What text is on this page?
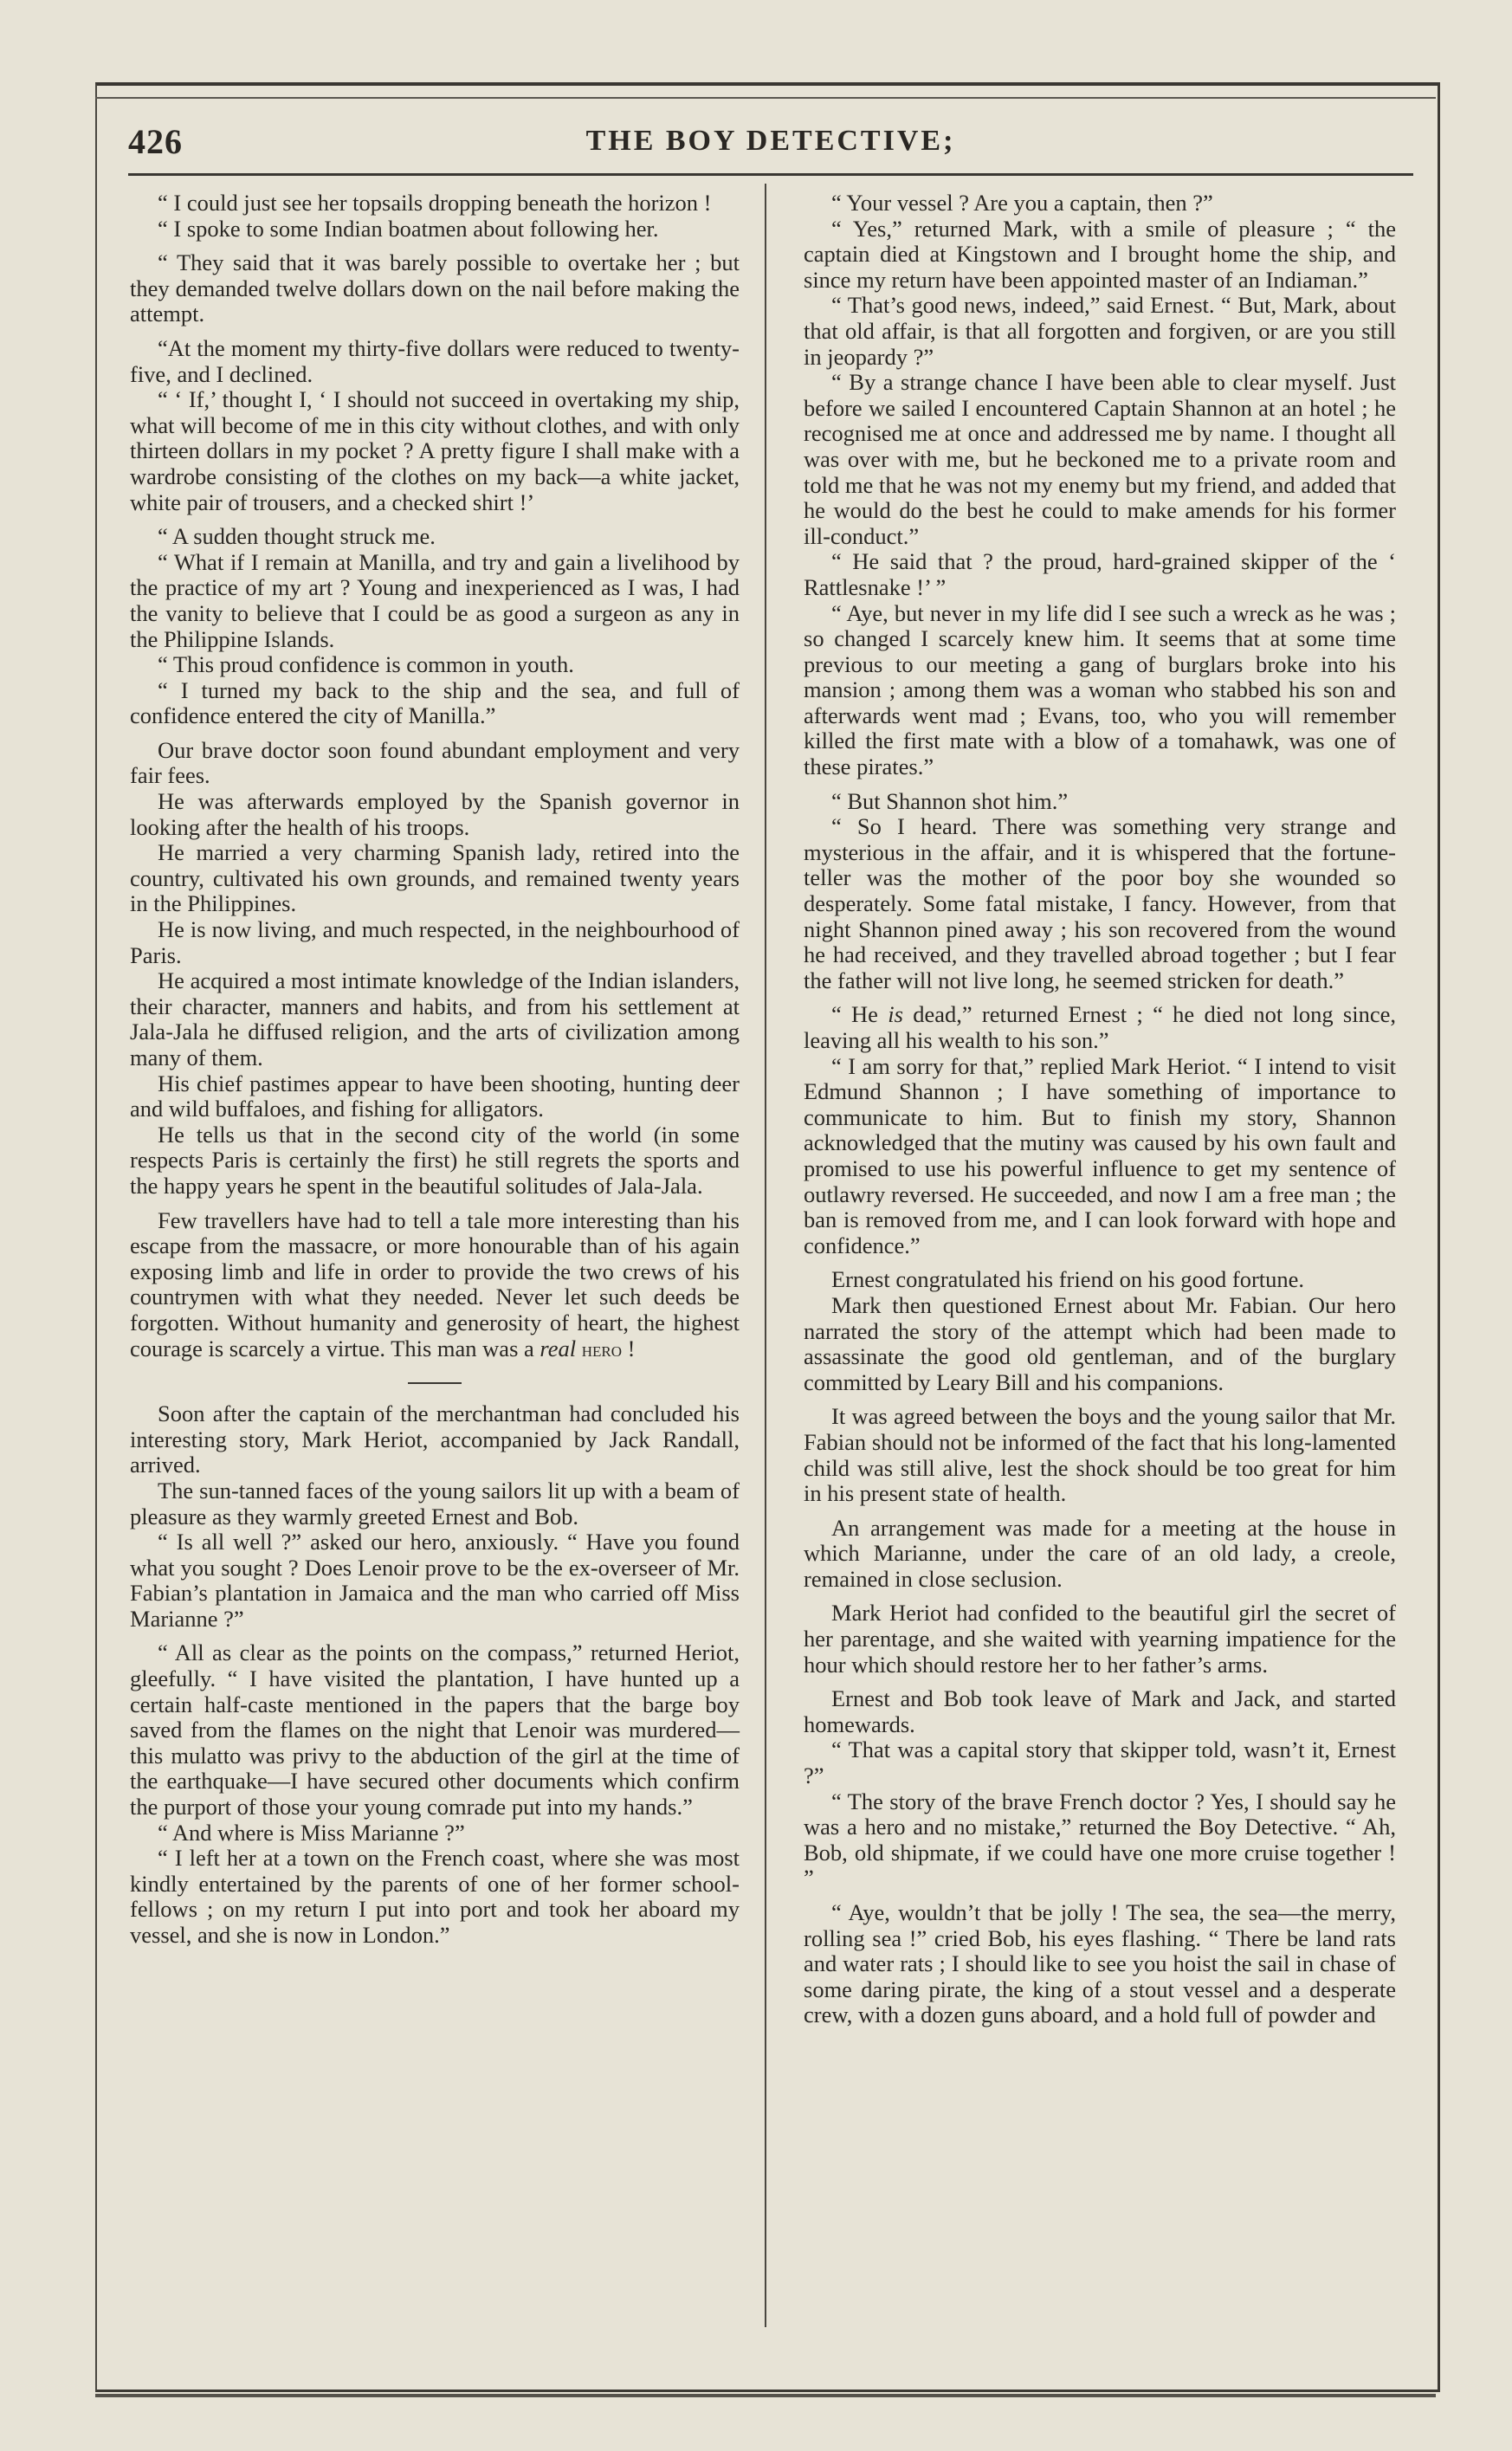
426	THE BOY DETECTIVE;

“ I could just see her topsails dropping beneath the horizon !

“ I spoke to some Indian boatmen about following her.

“ They said that it was barely possible to overtake her ; but they demanded twelve dollars down on the nail before making the attempt.

“At the moment my thirty-five dollars were reduced to twenty-five, and I declined.

“ ‘ If,’ thought I, ‘ I should not succeed in overtaking my ship, what will become of me in this city without clothes, and with only thirteen dollars in my pocket ? A pretty figure I shall make with a wardrobe consisting of the clothes on my back—a white jacket, white pair of trousers, and a checked shirt !’

“ A sudden thought struck me.

“ What if I remain at Manilla, and try and gain a livelihood by the practice of my art ? Young and inexperienced as I was, I had the vanity to believe that I could be as good a surgeon as any in the Philippine Islands.

“ This proud confidence is common in youth.

“ I turned my back to the ship and the sea, and full of confidence entered the city of Manilla.”

Our brave doctor soon found abundant employment and very fair fees.

He was afterwards employed by the Spanish governor in looking after the health of his troops.

He married a very charming Spanish lady, retired into the country, cultivated his own grounds, and remained twenty years in the Philippines.

He is now living, and much respected, in the neighbourhood of Paris.

He acquired a most intimate knowledge of the Indian islanders, their character, manners and habits, and from his settlement at Jala-Jala he diffused religion, and the arts of civilization among many of them.

His chief pastimes appear to have been shooting, hunting deer and wild buffaloes, and fishing for alligators.

He tells us that in the second city of the world (in some respects Paris is certainly the first) he still regrets the sports and the happy years he spent in the beautiful solitudes of Jala-Jala.

Few travellers have had to tell a tale more interesting than his escape from the massacre, or more honourable than of his again exposing limb and life in order to provide the two crews of his countrymen with what they needed. Never let such deeds be forgotten. Without humanity and generosity of heart, the highest courage is scarcely a virtue. This man was a real hero !

Soon after the captain of the merchantman had concluded his interesting story, Mark Heriot, accompanied by Jack Randall, arrived.

The sun-tanned faces of the young sailors lit up with a beam of pleasure as they warmly greeted Ernest and Bob.

“ Is all well ?” asked our hero, anxiously. “ Have you found what you sought ? Does Lenoir prove to be the ex-overseer of Mr. Fabian’s plantation in Jamaica and the man who carried off Miss Marianne ?”

“ All as clear as the points on the compass,” returned Heriot, gleefully. “ I have visited the plantation, I have hunted up a certain half-caste mentioned in the papers that the barge boy saved from the flames on the night that Lenoir was murdered—this mulatto was privy to the abduction of the girl at the time of the earthquake—I have secured other documents which confirm the purport of those your young comrade put into my hands.”

“ And where is Miss Marianne ?”

“ I left her at a town on the French coast, where she was most kindly entertained by the parents of one of her former school-fellows ; on my return I put into port and took her aboard my vessel, and she is now in London.”

“ Your vessel ? Are you a captain, then ?”

“ Yes,” returned Mark, with a smile of pleasure ; “ the captain died at Kingstown and I brought home the ship, and since my return have been appointed master of an Indiaman.”

“ That’s good news, indeed,” said Ernest. “ But, Mark, about that old affair, is that all forgotten and forgiven, or are you still in jeopardy ?”

“ By a strange chance I have been able to clear myself. Just before we sailed I encountered Captain Shannon at an hotel ; he recognised me at once and addressed me by name. I thought all was over with me, but he beckoned me to a private room and told me that he was not my enemy but my friend, and added that he would do the best he could to make amends for his former ill-conduct.”

“ He said that ? the proud, hard-grained skipper of the ‘ Rattlesnake !’ ”

“ Aye, but never in my life did I see such a wreck as he was ; so changed I scarcely knew him. It seems that at some time previous to our meeting a gang of burglars broke into his mansion ; among them was a woman who stabbed his son and afterwards went mad ; Evans, too, who you will remember killed the first mate with a blow of a tomahawk, was one of these pirates.”

“ But Shannon shot him.”

“ So I heard. There was something very strange and mysterious in the affair, and it is whispered that the fortune-teller was the mother of the poor boy she wounded so desperately. Some fatal mistake, I fancy. However, from that night Shannon pined away ; his son recovered from the wound he had received, and they travelled abroad together ; but I fear the father will not live long, he seemed stricken for death.”

“ He is dead,” returned Ernest ; “ he died not long since, leaving all his wealth to his son.”

“ I am sorry for that,” replied Mark Heriot. “ I intend to visit Edmund Shannon ; I have something of importance to communicate to him. But to finish my story, Shannon acknowledged that the mutiny was caused by his own fault and promised to use his powerful influence to get my sentence of outlawry reversed. He succeeded, and now I am a free man ; the ban is removed from me, and I can look forward with hope and confidence.”

Ernest congratulated his friend on his good fortune.

Mark then questioned Ernest about Mr. Fabian. Our hero narrated the story of the attempt which had been made to assassinate the good old gentleman, and of the burglary committed by Leary Bill and his companions.

It was agreed between the boys and the young sailor that Mr. Fabian should not be informed of the fact that his long-lamented child was still alive, lest the shock should be too great for him in his present state of health.

An arrangement was made for a meeting at the house in which Marianne, under the care of an old lady, a creole, remained in close seclusion.

Mark Heriot had confided to the beautiful girl the secret of her parentage, and she waited with yearning impatience for the hour which should restore her to her father’s arms.

Ernest and Bob took leave of Mark and Jack, and started homewards.

“ That was a capital story that skipper told, wasn’t it, Ernest ?”

“ The story of the brave French doctor ? Yes, I should say he was a hero and no mistake,” returned the Boy Detective. “ Ah, Bob, old shipmate, if we could have one more cruise together ! ”

“ Aye, wouldn’t that be jolly ! The sea, the sea—the merry, rolling sea !” cried Bob, his eyes flashing. “ There be land rats and water rats ; I should like to see you hoist the sail in chase of some daring pirate, the king of a stout vessel and a desperate crew, with a dozen guns aboard, and a hold full of powder and
